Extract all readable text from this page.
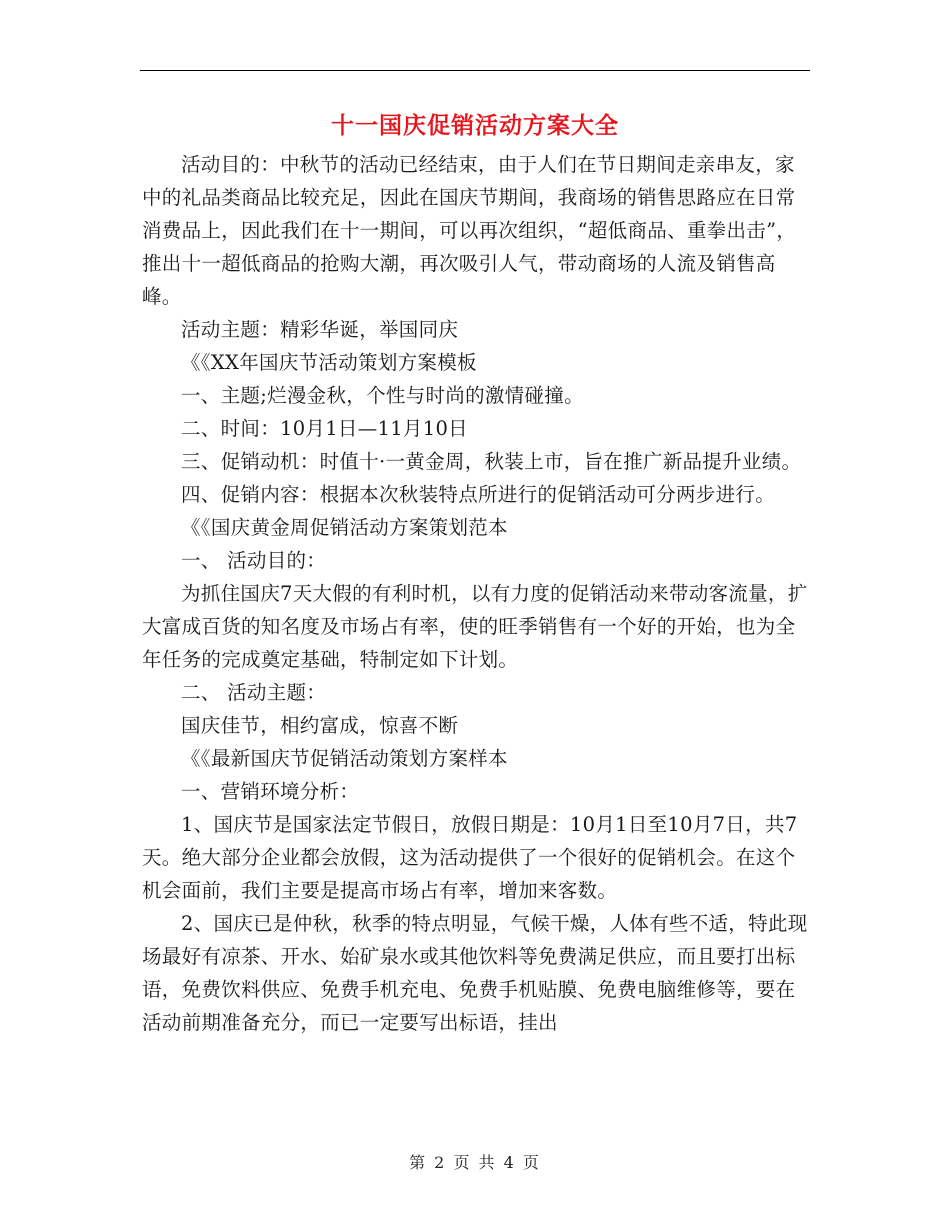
十一国庆促销活动方案大全

活动目的：中秋节的活动已经结束，由于人们在节日期间走亲串友，家中的礼品类商品比较充足，因此在国庆节期间，我商场的销售思路应在日常消费品上，因此我们在十一期间，可以再次组织，“超低商品、重拳出击”，推出十一超低商品的抢购大潮，再次吸引人气，带动商场的人流及销售高峰。

活动主题：精彩华诞，举国同庆

《《XX年国庆节活动策划方案模板

一、主题;烂漫金秋，个性与时尚的激情碰撞。

二、时间：10月1日—11月10日

三、促销动机：时值十·一黄金周，秋装上市，旨在推广新品提升业绩。

四、促销内容：根据本次秋装特点所进行的促销活动可分两步进行。

《《国庆黄金周促销活动方案策划范本

一、 活动目的：

为抓住国庆7天大假的有利时机，以有力度的促销活动来带动客流量，扩大富成百货的知名度及市场占有率，使的旺季销售有一个好的开始，也为全年任务的完成奠定基础，特制定如下计划。

二、 活动主题：

国庆佳节，相约富成，惊喜不断

《《最新国庆节促销活动策划方案样本

一、营销环境分析：

1、国庆节是国家法定节假日，放假日期是：10月1日至10月7日，共7天。绝大部分企业都会放假，这为活动提供了一个很好的促销机会。在这个机会面前，我们主要是提高市场占有率，增加来客数。

2、国庆已是仲秋，秋季的特点明显，气候干燥，人体有些不适，特此现场最好有凉茶、开水、始矿泉水或其他饮料等免费满足供应，而且要打出标语，免费饮料供应、免费手机充电、免费手机贴膜、免费电脑维修等，要在活动前期准备充分，而已一定要写出标语，挂出

第 2 页 共 4 页
